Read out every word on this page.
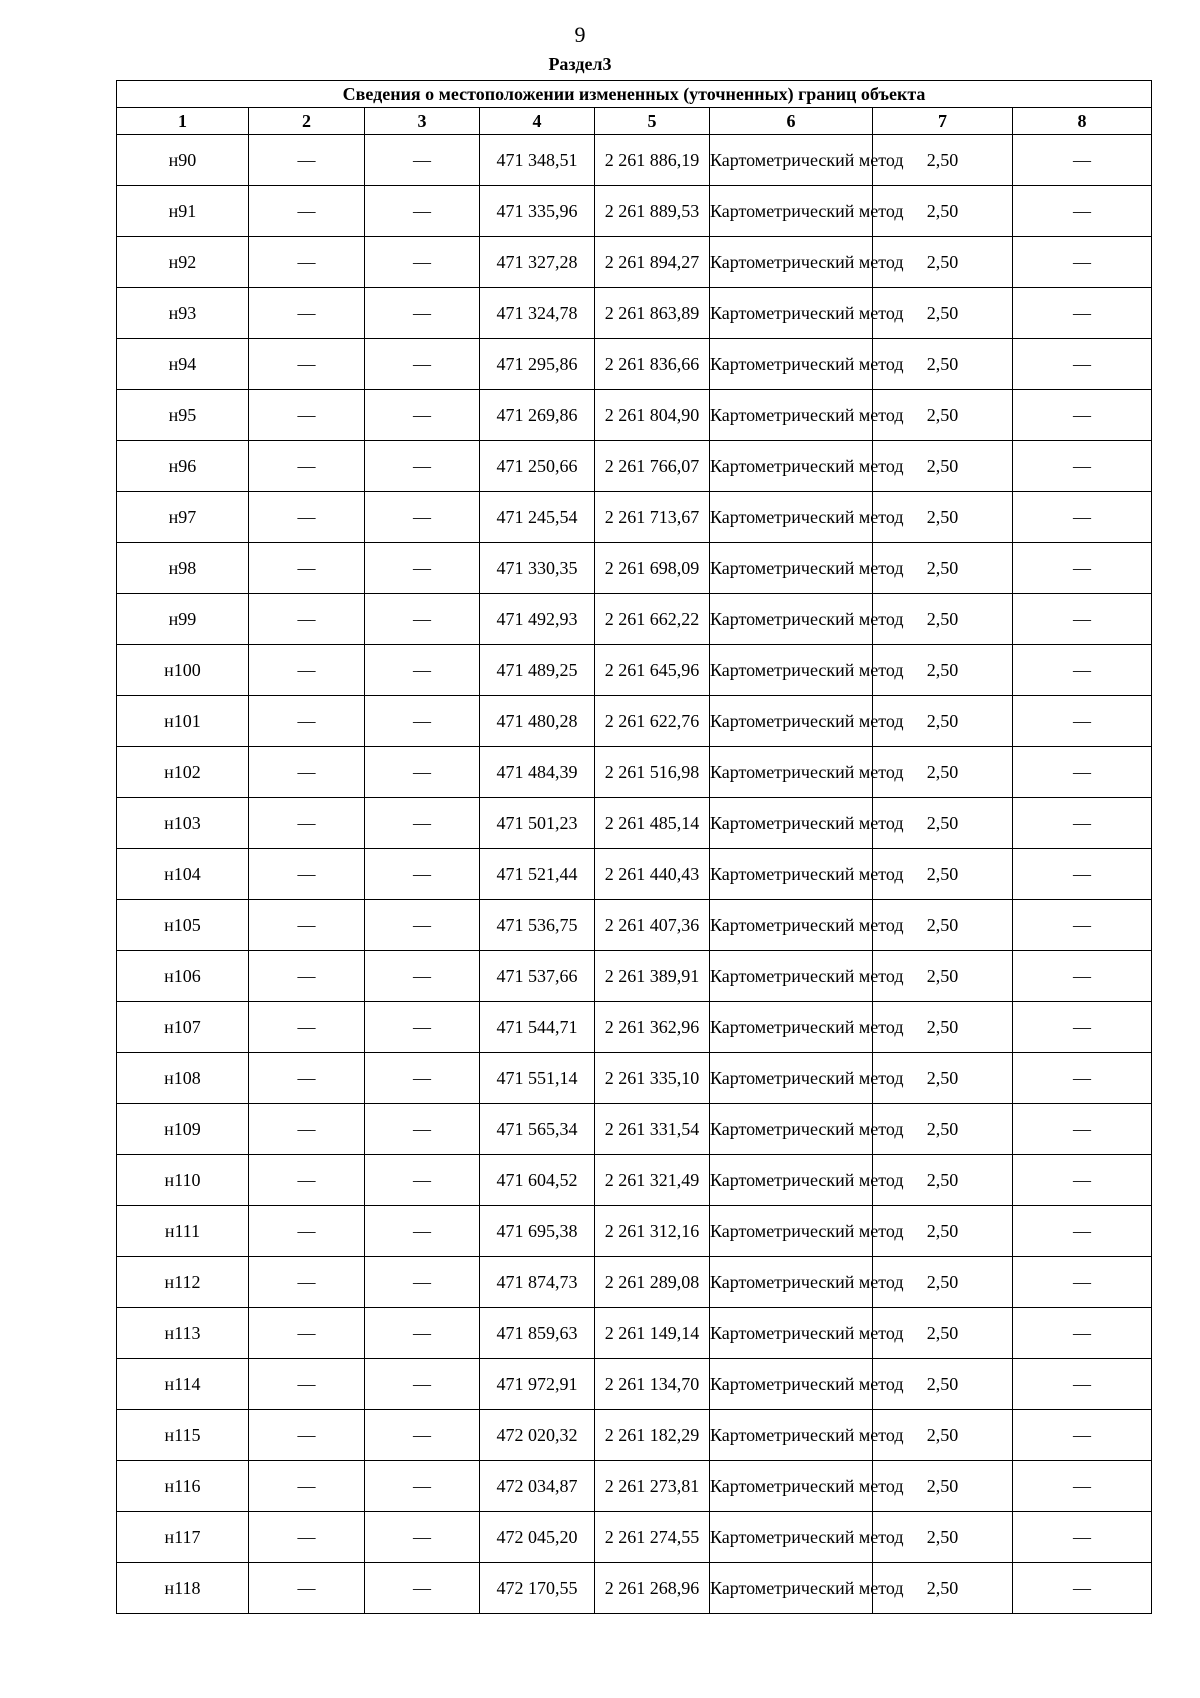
9
Раздел3
Сведения о местоположении измененных (уточненных) границ объекта							
1	2	3	4	5	6	7	8
н90	—	—	471 348,51	2 261 886,19	Картометрический метод	2,50	—
н91	—	—	471 335,96	2 261 889,53	Картометрический метод	2,50	—
н92	—	—	471 327,28	2 261 894,27	Картометрический метод	2,50	—
н93	—	—	471 324,78	2 261 863,89	Картометрический метод	2,50	—
н94	—	—	471 295,86	2 261 836,66	Картометрический метод	2,50	—
н95	—	—	471 269,86	2 261 804,90	Картометрический метод	2,50	—
н96	—	—	471 250,66	2 261 766,07	Картометрический метод	2,50	—
н97	—	—	471 245,54	2 261 713,67	Картометрический метод	2,50	—
н98	—	—	471 330,35	2 261 698,09	Картометрический метод	2,50	—
н99	—	—	471 492,93	2 261 662,22	Картометрический метод	2,50	—
н100	—	—	471 489,25	2 261 645,96	Картометрический метод	2,50	—
н101	—	—	471 480,28	2 261 622,76	Картометрический метод	2,50	—
н102	—	—	471 484,39	2 261 516,98	Картометрический метод	2,50	—
н103	—	—	471 501,23	2 261 485,14	Картометрический метод	2,50	—
н104	—	—	471 521,44	2 261 440,43	Картометрический метод	2,50	—
н105	—	—	471 536,75	2 261 407,36	Картометрический метод	2,50	—
н106	—	—	471 537,66	2 261 389,91	Картометрический метод	2,50	—
н107	—	—	471 544,71	2 261 362,96	Картометрический метод	2,50	—
н108	—	—	471 551,14	2 261 335,10	Картометрический метод	2,50	—
н109	—	—	471 565,34	2 261 331,54	Картометрический метод	2,50	—
н110	—	—	471 604,52	2 261 321,49	Картометрический метод	2,50	—
н111	—	—	471 695,38	2 261 312,16	Картометрический метод	2,50	—
н112	—	—	471 874,73	2 261 289,08	Картометрический метод	2,50	—
н113	—	—	471 859,63	2 261 149,14	Картометрический метод	2,50	—
н114	—	—	471 972,91	2 261 134,70	Картометрический метод	2,50	—
н115	—	—	472 020,32	2 261 182,29	Картометрический метод	2,50	—
н116	—	—	472 034,87	2 261 273,81	Картометрический метод	2,50	—
н117	—	—	472 045,20	2 261 274,55	Картометрический метод	2,50	—
н118	—	—	472 170,55	2 261 268,96	Картометрический метод	2,50	—
